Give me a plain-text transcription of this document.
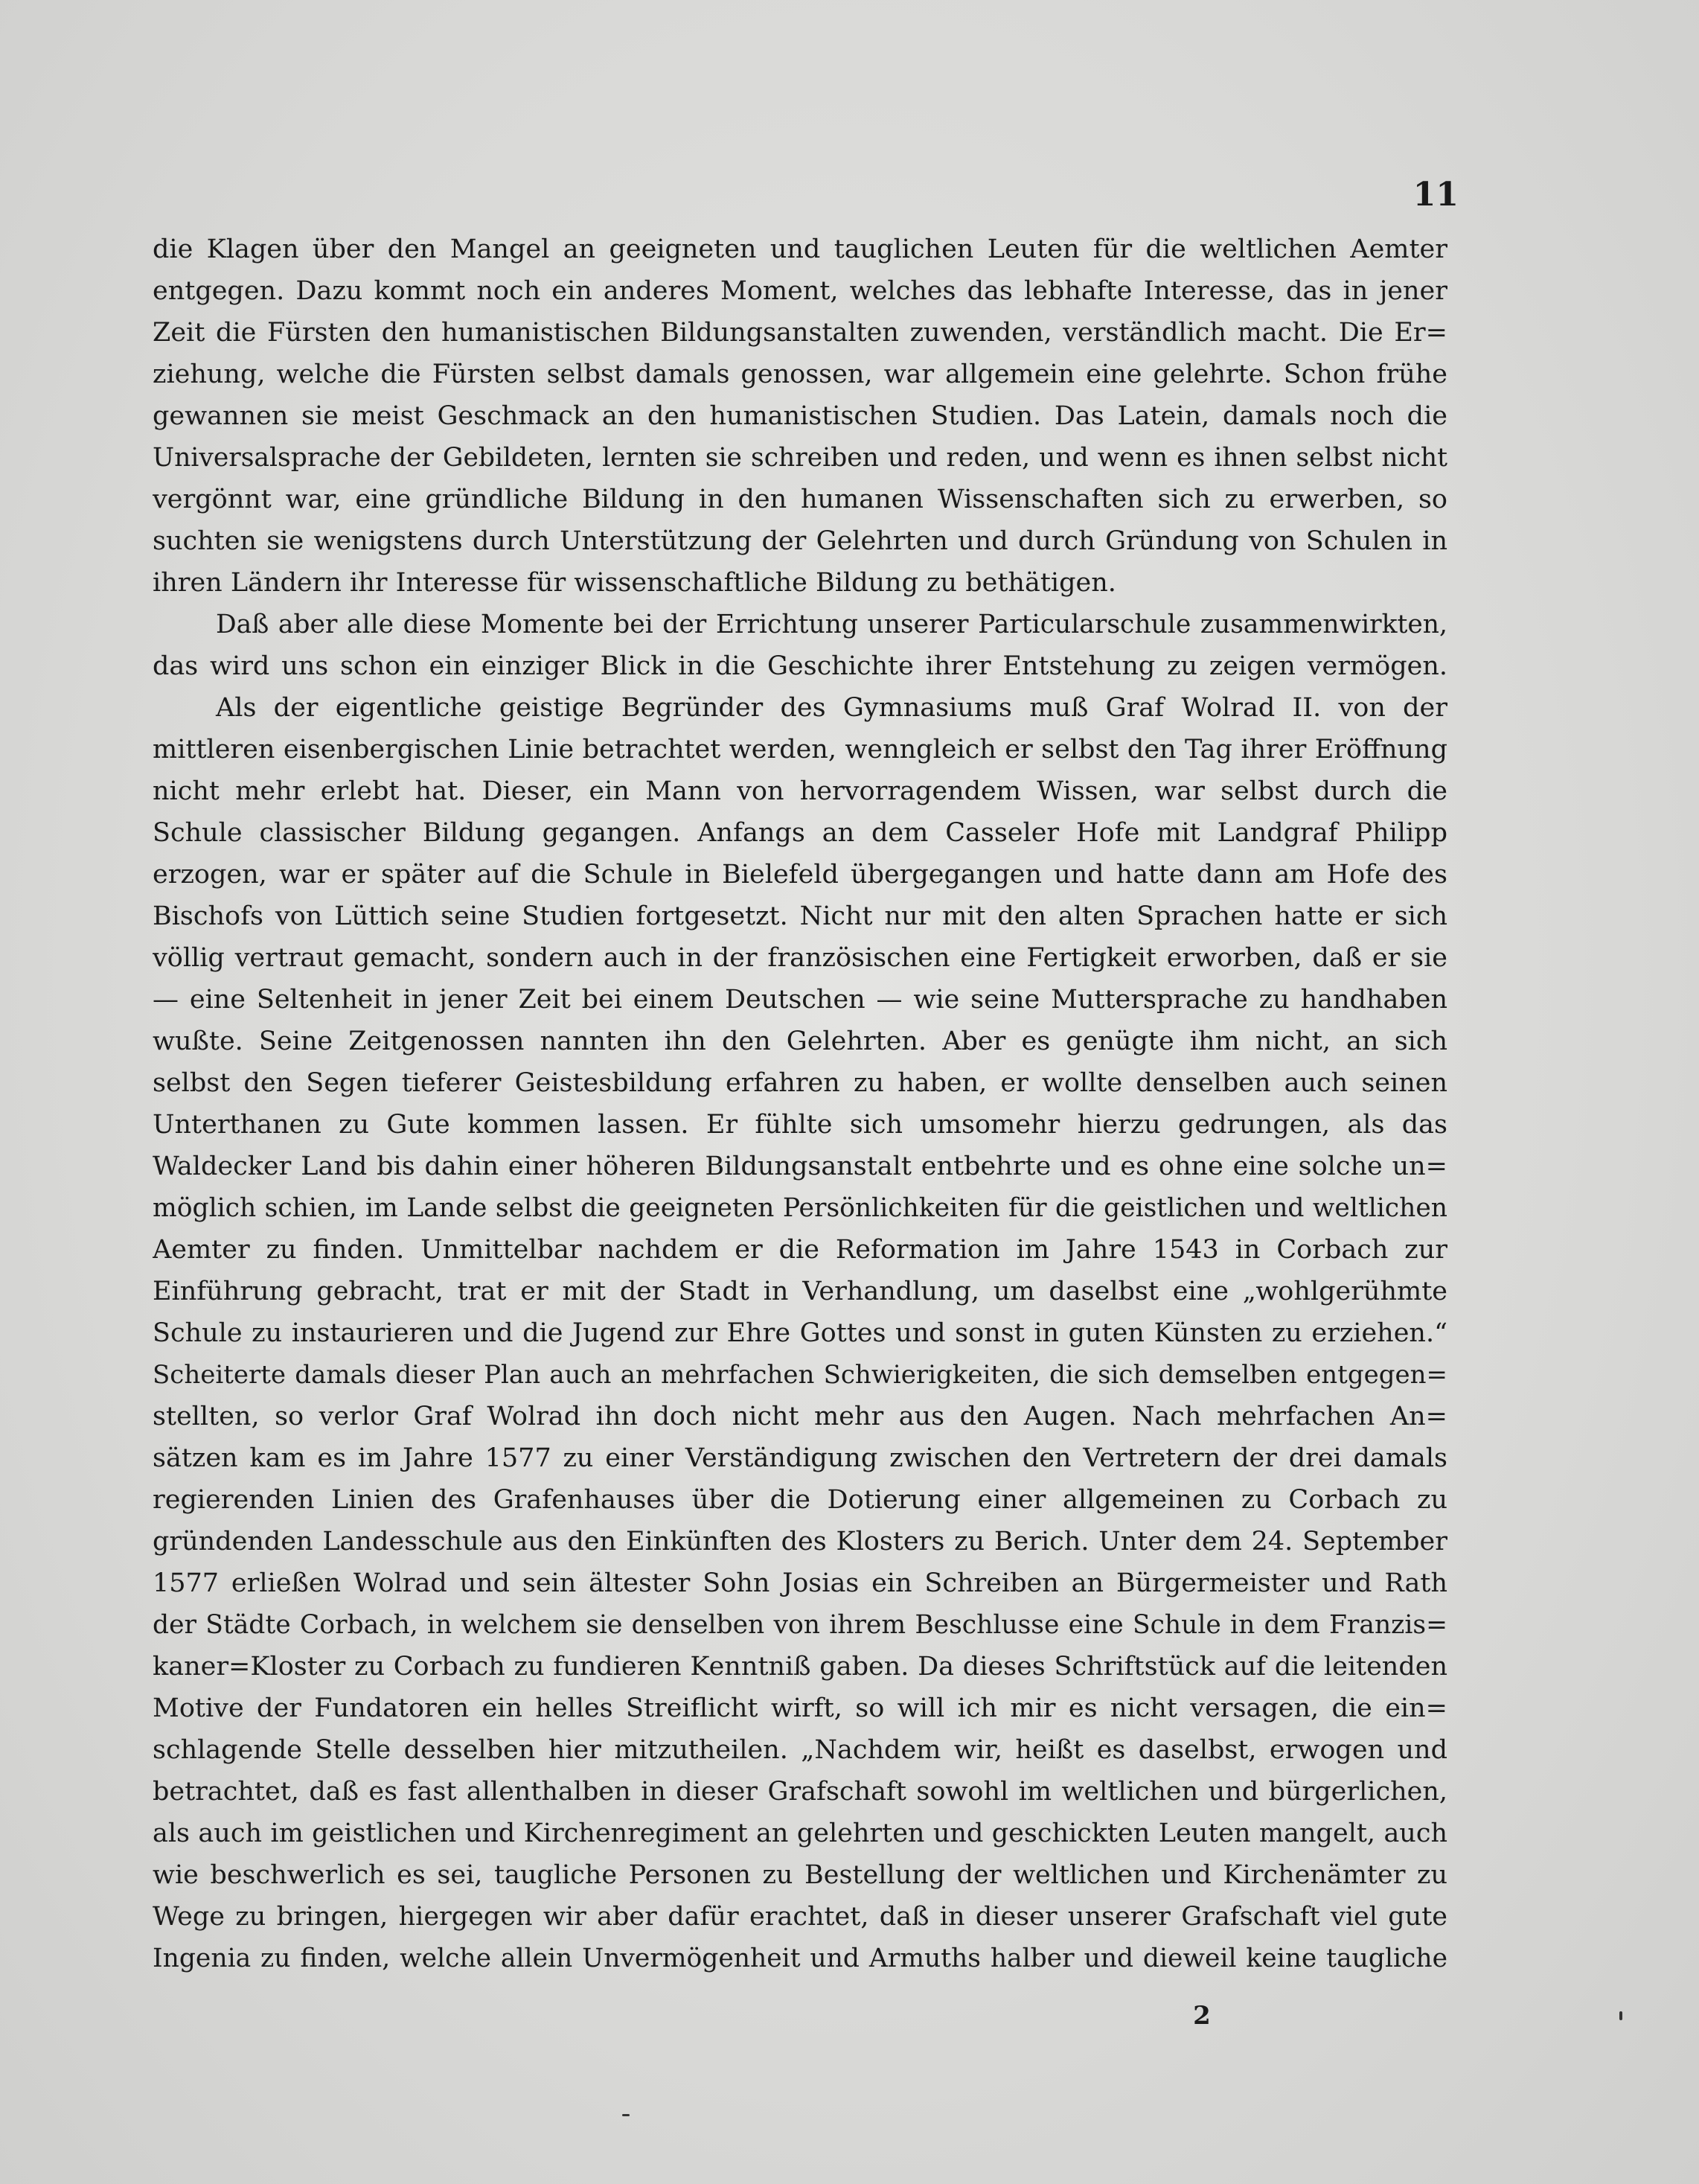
11
die Klagen über den Mangel an geeigneten und tauglichen Leuten für die weltlichen Aemter
entgegen. Dazu kommt noch ein anderes Moment, welches das lebhafte Interesse, das in jener
Zeit die Fürsten den humanistischen Bildungsanstalten zuwenden, verständlich macht. Die Er=
ziehung, welche die Fürsten selbst damals genossen, war allgemein eine gelehrte. Schon frühe
gewannen sie meist Geschmack an den humanistischen Studien. Das Latein, damals noch die
Universalsprache der Gebildeten, lernten sie schreiben und reden, und wenn es ihnen selbst nicht
vergönnt war, eine gründliche Bildung in den humanen Wissenschaften sich zu erwerben, so
suchten sie wenigstens durch Unterstützung der Gelehrten und durch Gründung von Schulen in
ihren Ländern ihr Interesse für wissenschaftliche Bildung zu bethätigen.
Daß aber alle diese Momente bei der Errichtung unserer Particularschule zusammenwirkten,
das wird uns schon ein einziger Blick in die Geschichte ihrer Entstehung zu zeigen vermögen.
Als der eigentliche geistige Begründer des Gymnasiums muß Graf Wolrad II. von der
mittleren eisenbergischen Linie betrachtet werden, wenngleich er selbst den Tag ihrer Eröffnung
nicht mehr erlebt hat. Dieser, ein Mann von hervorragendem Wissen, war selbst durch die
Schule classischer Bildung gegangen. Anfangs an dem Casseler Hofe mit Landgraf Philipp
erzogen, war er später auf die Schule in Bielefeld übergegangen und hatte dann am Hofe des
Bischofs von Lüttich seine Studien fortgesetzt. Nicht nur mit den alten Sprachen hatte er sich
völlig vertraut gemacht, sondern auch in der französischen eine Fertigkeit erworben, daß er sie
— eine Seltenheit in jener Zeit bei einem Deutschen — wie seine Muttersprache zu handhaben
wußte. Seine Zeitgenossen nannten ihn den Gelehrten. Aber es genügte ihm nicht, an sich
selbst den Segen tieferer Geistesbildung erfahren zu haben, er wollte denselben auch seinen
Unterthanen zu Gute kommen lassen. Er fühlte sich umsomehr hierzu gedrungen, als das
Waldecker Land bis dahin einer höheren Bildungsanstalt entbehrte und es ohne eine solche un=
möglich schien, im Lande selbst die geeigneten Persönlichkeiten für die geistlichen und weltlichen
Aemter zu finden. Unmittelbar nachdem er die Reformation im Jahre 1543 in Corbach zur
Einführung gebracht, trat er mit der Stadt in Verhandlung, um daselbst eine „wohlgerühmte
Schule zu instaurieren und die Jugend zur Ehre Gottes und sonst in guten Künsten zu erziehen.“
Scheiterte damals dieser Plan auch an mehrfachen Schwierigkeiten, die sich demselben entgegen=
stellten, so verlor Graf Wolrad ihn doch nicht mehr aus den Augen. Nach mehrfachen An=
sätzen kam es im Jahre 1577 zu einer Verständigung zwischen den Vertretern der drei damals
regierenden Linien des Grafenhauses über die Dotierung einer allgemeinen zu Corbach zu
gründenden Landesschule aus den Einkünften des Klosters zu Berich. Unter dem 24. September
1577 erließen Wolrad und sein ältester Sohn Josias ein Schreiben an Bürgermeister und Rath
der Städte Corbach, in welchem sie denselben von ihrem Beschlusse eine Schule in dem Franzis=
kaner=Kloster zu Corbach zu fundieren Kenntniß gaben. Da dieses Schriftstück auf die leitenden
Motive der Fundatoren ein helles Streiflicht wirft, so will ich mir es nicht versagen, die ein=
schlagende Stelle desselben hier mitzutheilen. „Nachdem wir, heißt es daselbst, erwogen und
betrachtet, daß es fast allenthalben in dieser Grafschaft sowohl im weltlichen und bürgerlichen,
als auch im geistlichen und Kirchenregiment an gelehrten und geschickten Leuten mangelt, auch
wie beschwerlich es sei, taugliche Personen zu Bestellung der weltlichen und Kirchenämter zu
Wege zu bringen, hiergegen wir aber dafür erachtet, daß in dieser unserer Grafschaft viel gute
Ingenia zu finden, welche allein Unvermögenheit und Armuths halber und dieweil keine taugliche
2
